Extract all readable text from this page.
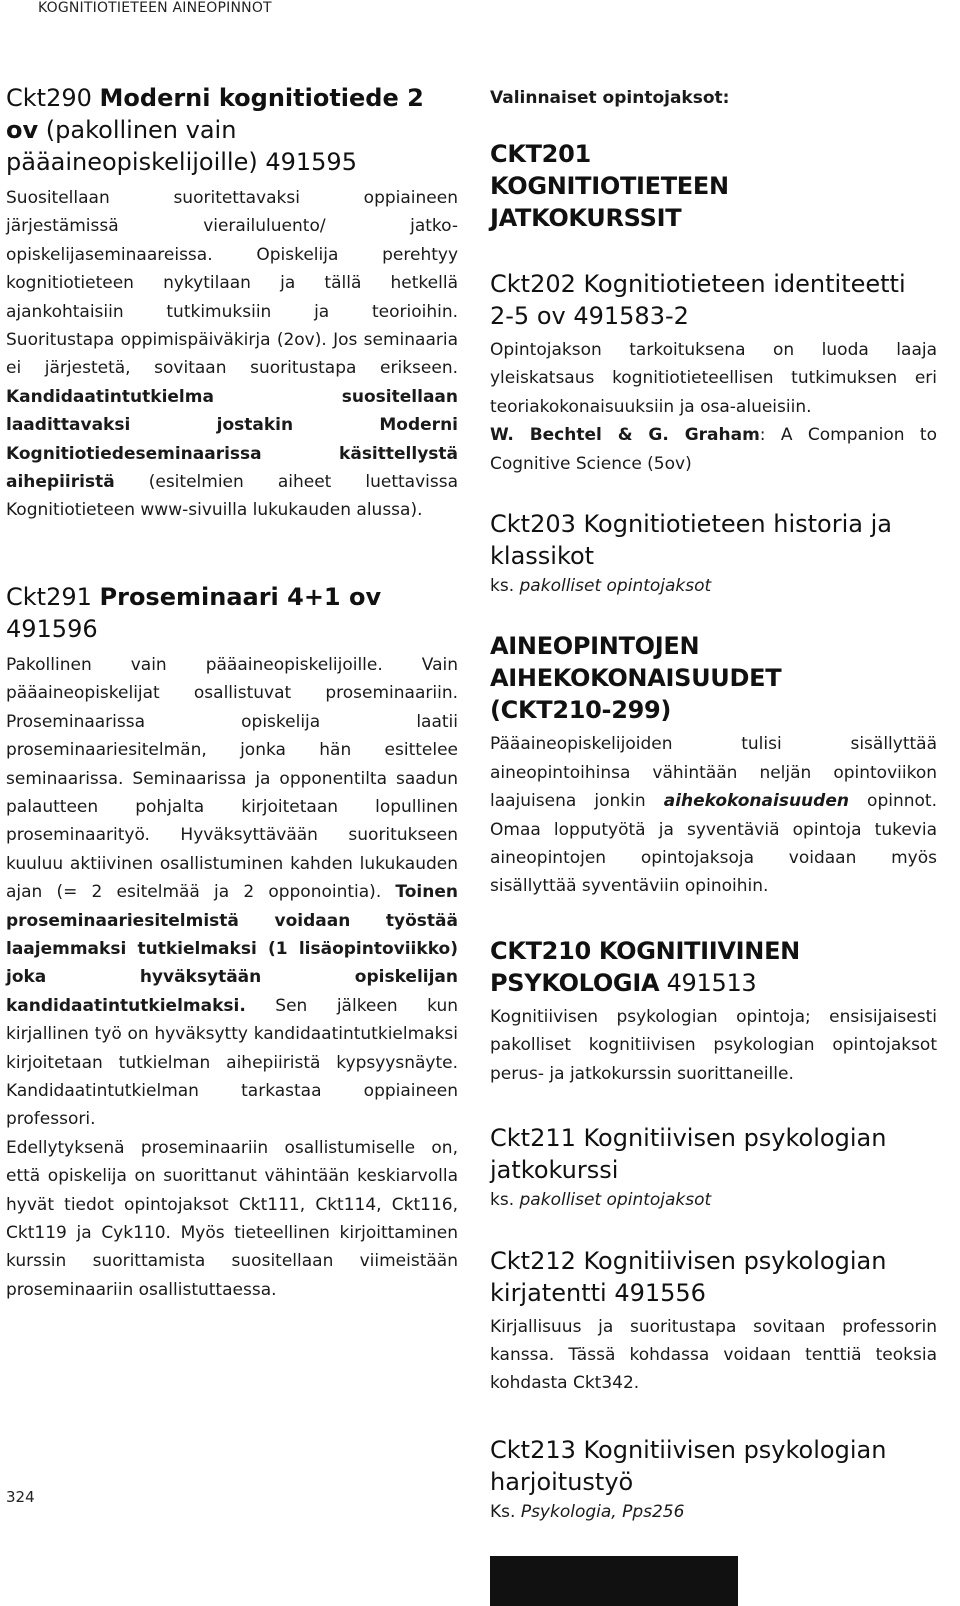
KOGNITIOTIETEEN AINEOPINNOT
Ckt290 Moderni kognitiotiede 2 ov (pakollinen vain pääaineopiskelijoille) 491595

Suositellaan suoritettavaksi oppiaineen järjestämissä vierailuluento/ jatko-opiskelijaseminaareissa. Opiskelija perehtyy kognitiotieteen nykytilaan ja tällä hetkellä ajankohtaisiin tutkimuksiin ja teorioihin. Suoritustapa oppimispäiväkirja (2ov). Jos seminaaria ei järjestetä, sovitaan suoritustapa erikseen. Kandidaatintutkielma suositellaan laadittavaksi jostakin Moderni Kognitiotiedeseminaarissa käsittellystä aihepiiristä (esitelmien aiheet luettavissa Kognitiotieteen www-sivuilla lukukauden alussa).

Ckt291 Proseminaari 4+1 ov 491596

Pakollinen vain pääaineopiskelijoille. Vain pääaineopiskelijat osallistuvat proseminaariin. Proseminaarissa opiskelija laatii proseminaariesitelmän, jonka hän esittelee seminaarissa. Seminaarissa ja opponentilta saadun palautteen pohjalta kirjoitetaan lopullinen proseminaarityö. Hyväksyttävään suoritukseen kuuluu aktiivinen osallistuminen kahden lukukauden ajan (= 2 esitelmää ja 2 opponointia). Toinen proseminaariesitelmistä voidaan työstää laajemmaksi tutkielmaksi (1 lisäopintoviikko) joka hyväksytään opiskelijan kandidaatintutkielmaksi. Sen jälkeen kun kirjallinen työ on hyväksytty kandidaatintutkielmaksi kirjoitetaan tutkielman aihepiiristä kypsyysnäyte. Kandidaatintutkielman tarkastaa oppiaineen professori.

Edellytyksenä proseminaariin osallistumiselle on, että opiskelija on suorittanut vähintään keskiarvolla hyvät tiedot opintojaksot Ckt111, Ckt114, Ckt116, Ckt119 ja Cyk110. Myös tieteellinen kirjoittaminen kurssin suorittamista suositellaan viimeistään proseminaariin osallistuttaessa.

Valinnaiset opintojaksot:
CKT201 KOGNITIOTIETEEN JATKOKURSSIT
Ckt202 Kognitiotieteen identiteetti 2-5 ov 491583-2

Opintojakson tarkoituksena on luoda laaja yleiskatsaus kognitiotieteellisen tutkimuksen eri teoriakokonaisuuksiin ja osa-alueisiin.

W. Bechtel & G. Graham: A Companion to Cognitive Science (5ov)

Ckt203 Kognitiotieteen historia ja klassikot

ks. pakolliset opintojaksot

AINEOPINTOJEN AIHEKOKONAISUUDET (CKT210-299)

Pääaineopiskelijoiden tulisi sisällyttää aineopintoihinsa vähintään neljän opintoviikon laajuisena jonkin aihekokonaisuuden opinnot. Omaa lopputyötä ja syventäviä opintoja tukevia aineopintojen opintojaksoja voidaan myös sisällyttää syventäviin opinoihin.

CKT210 KOGNITIIVINEN PSYKOLOGIA 491513

Kognitiivisen psykologian opintoja; ensisijaisesti pakolliset kognitiivisen psykologian opintojaksot perus- ja jatkokurssin suorittaneille.

Ckt211 Kognitiivisen psykologian jatkokurssi

ks. pakolliset opintojaksot

Ckt212 Kognitiivisen psykologian kirjatentti 491556

Kirjallisuus ja suoritustapa sovitaan professorin kanssa. Tässä kohdassa voidaan tenttiä teoksia kohdasta Ckt342.

Ckt213 Kognitiivisen psykologian harjoitustyö

Ks. Psykologia, Pps256

324
